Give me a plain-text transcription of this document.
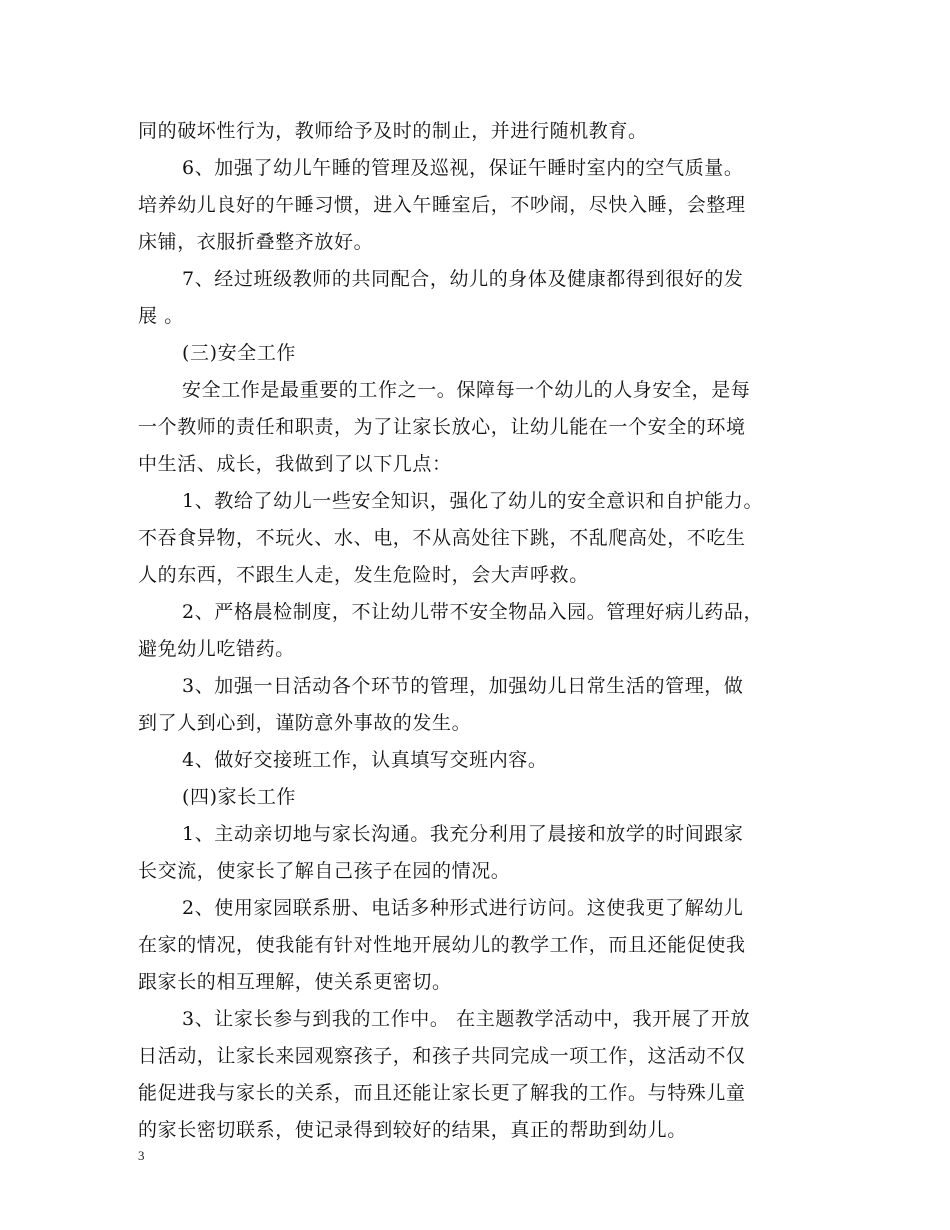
同的破坏性行为，教师给予及时的制止，并进行随机教育。
6、加强了幼儿午睡的管理及巡视，保证午睡时室内的空气质量。
培养幼儿良好的午睡习惯，进入午睡室后，不吵闹，尽快入睡，会整理
床铺，衣服折叠整齐放好。
7、经过班级教师的共同配合，幼儿的身体及健康都得到很好的发
展 。
(三)安全工作
安全工作是最重要的工作之一。保障每一个幼儿的人身安全，是每
一个教师的责任和职责，为了让家长放心，让幼儿能在一个安全的环境
中生活、成长，我做到了以下几点：
1、教给了幼儿一些安全知识，强化了幼儿的安全意识和自护能力。
不吞食异物，不玩火、水、电，不从高处往下跳，不乱爬高处，不吃生
人的东西，不跟生人走，发生危险时，会大声呼救。
2、严格晨检制度，不让幼儿带不安全物品入园。管理好病儿药品，
避免幼儿吃错药。
3、加强一日活动各个环节的管理，加强幼儿日常生活的管理，做
到了人到心到，谨防意外事故的发生。
4、做好交接班工作，认真填写交班内容。
(四)家长工作
1、主动亲切地与家长沟通。我充分利用了晨接和放学的时间跟家
长交流，使家长了解自己孩子在园的情况。
2、使用家园联系册、电话多种形式进行访问。这使我更了解幼儿
在家的情况，使我能有针对性地开展幼儿的教学工作，而且还能促使我
跟家长的相互理解，使关系更密切。
3、让家长参与到我的工作中。 在主题教学活动中，我开展了开放
日活动，让家长来园观察孩子，和孩子共同完成一项工作，这活动不仅
能促进我与家长的关系，而且还能让家长更了解我的工作。与特殊儿童
的家长密切联系，使记录得到较好的结果，真正的帮助到幼儿。
3
